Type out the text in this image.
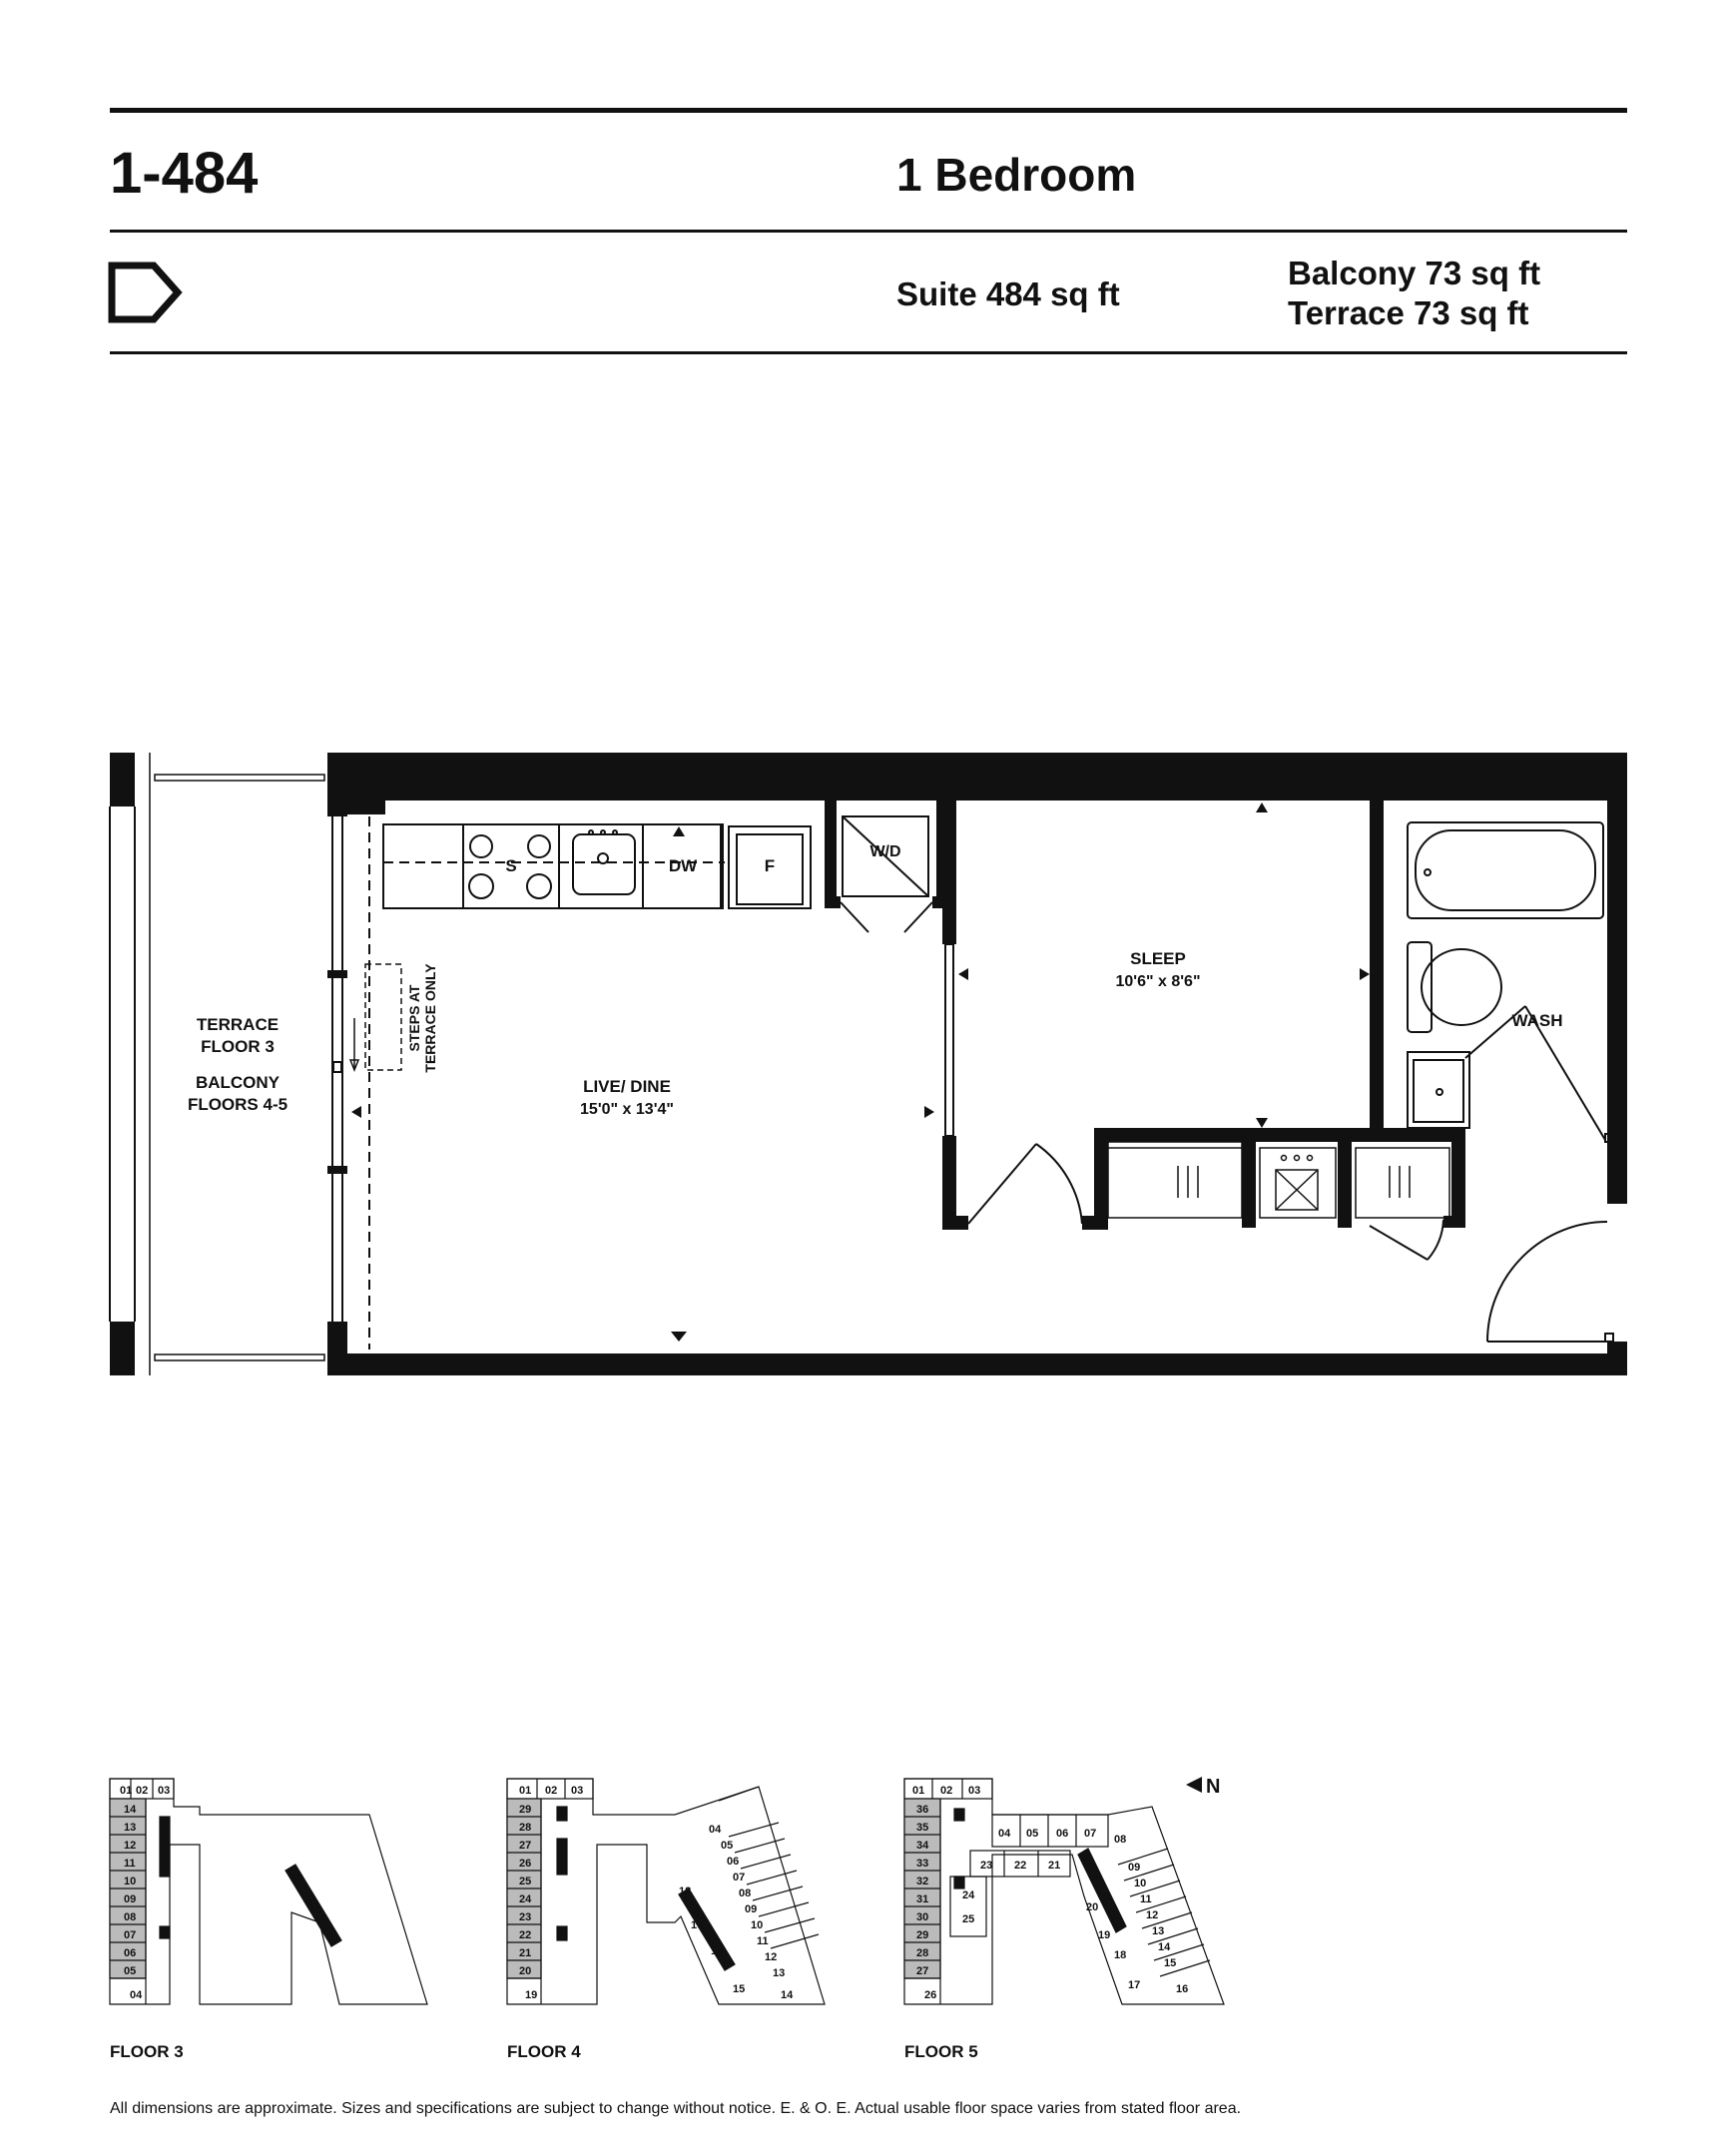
1-484	1 Bedroom
Suite 484 sq ft
Balcony 73 sq ft
Terrace 73 sq ft
TERRACE
FLOOR 3
BALCONY
FLOORS 4-5
STEPS AT TERRACE ONLY
S	DW	F
W/D
SLEEP
10'6" x 8'6"
LIVE/ DINE
15'0" x 13'4"
WASH
01 02 03
14
13
12
11
10
09
08
07
06
05
04
01 02 03
29
28
27
26
25
24
23
22
21
20
19
04
05
06
07
08
09
10
11
12
13
14
15
16
17
18
01 02 03
36
35
34
33
32
31
30
29
28
27
26
04 05 06 07 08
23 22 21
24
25
09
10
11
12
13
14
15
16
17
18
19
20
N
FLOOR 3	FLOOR 4	FLOOR 5
All dimensions are approximate. Sizes and specifications are subject to change without notice. E. & O. E. Actual usable floor space varies from stated floor area.
